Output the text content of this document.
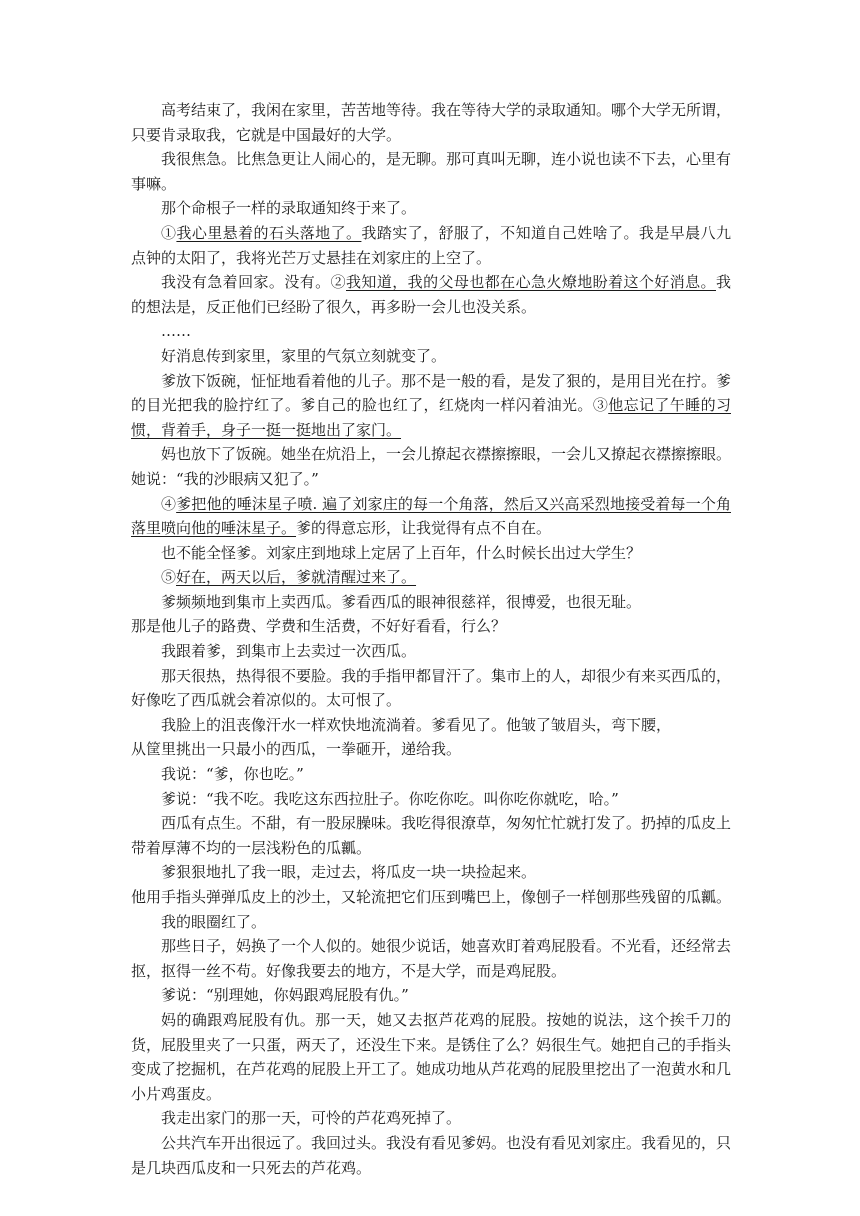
高考结束了，我闲在家里，苦苦地等待。我在等待大学的录取通知。哪个大学无所谓，只要肯录取我，它就是中国最好的大学。

我很焦急。比焦急更让人闹心的，是无聊。那可真叫无聊，连小说也读不下去，心里有事嘛。

那个命根子一样的录取通知终于来了。

①我心里悬着的石头落地了。我踏实了，舒服了，不知道自己姓啥了。我是早晨八九点钟的太阳了，我将光芒万丈悬挂在刘家庄的上空了。

我没有急着回家。没有。②我知道，我的父母也都在心急火燎地盼着这个好消息。我的想法是，反正他们已经盼了很久，再多盼一会儿也没关系。

……

好消息传到家里，家里的气氛立刻就变了。

爹放下饭碗，怔怔地看着他的儿子。那不是一般的看，是发了狠的，是用目光在拧。爹的目光把我的脸拧红了。爹自己的脸也红了，红烧肉一样闪着油光。③他忘记了午睡的习惯，背着手，身子一挺一挺地出了家门。

妈也放下了饭碗。她坐在炕沿上，一会儿撩起衣襟擦擦眼，一会儿又撩起衣襟擦擦眼。她说：“我的沙眼病又犯了。”

④爹把他的唾沫星子喷. 遍了刘家庄的每一个角落，然后又兴高采烈地接受着每一个角落里喷向他的唾沫星子。爹的得意忘形，让我觉得有点不自在。

也不能全怪爹。刘家庄到地球上定居了上百年，什么时候长出过大学生？

⑤好在，两天以后，爹就清醒过来了。

爹频频地到集市上卖西瓜。爹看西瓜的眼神很慈祥，很博爱，也很无耻。

那是他儿子的路费、学费和生活费，不好好看看，行么？

我跟着爹，到集市上去卖过一次西瓜。

那天很热，热得很不要脸。我的手指甲都冒汗了。集市上的人，却很少有来买西瓜的，好像吃了西瓜就会着凉似的。太可恨了。

我脸上的沮丧像汗水一样欢快地流淌着。爹看见了。他皱了皱眉头，弯下腰，

从筐里挑出一只最小的西瓜，一拳砸开，递给我。

我说：“爹，你也吃。”

爹说：“我不吃。我吃这东西拉肚子。你吃你吃。叫你吃你就吃，哈。”

西瓜有点生。不甜，有一股尿臊味。我吃得很潦草，匆匆忙忙就打发了。扔掉的瓜皮上带着厚薄不均的一层浅粉色的瓜瓤。

爹狠狠地扎了我一眼，走过去，将瓜皮一块一块捡起来。

他用手指头弹弹瓜皮上的沙土，又轮流把它们压到嘴巴上，像刨子一样刨那些残留的瓜瓤。

我的眼圈红了。

那些日子，妈换了一个人似的。她很少说话，她喜欢盯着鸡屁股看。不光看，还经常去抠，抠得一丝不苟。好像我要去的地方，不是大学，而是鸡屁股。

爹说：“别理她，你妈跟鸡屁股有仇。”

妈的确跟鸡屁股有仇。那一天，她又去抠芦花鸡的屁股。按她的说法，这个挨千刀的货，屁股里夹了一只蛋，两天了，还没生下来。是锈住了么？妈很生气。她把自己的手指头变成了挖掘机，在芦花鸡的屁股上开工了。她成功地从芦花鸡的屁股里挖出了一泡黄水和几小片鸡蛋皮。

我走出家门的那一天，可怜的芦花鸡死掉了。

公共汽车开出很远了。我回过头。我没有看见爹妈。也没有看见刘家庄。我看见的，只是几块西瓜皮和一只死去的芦花鸡。
